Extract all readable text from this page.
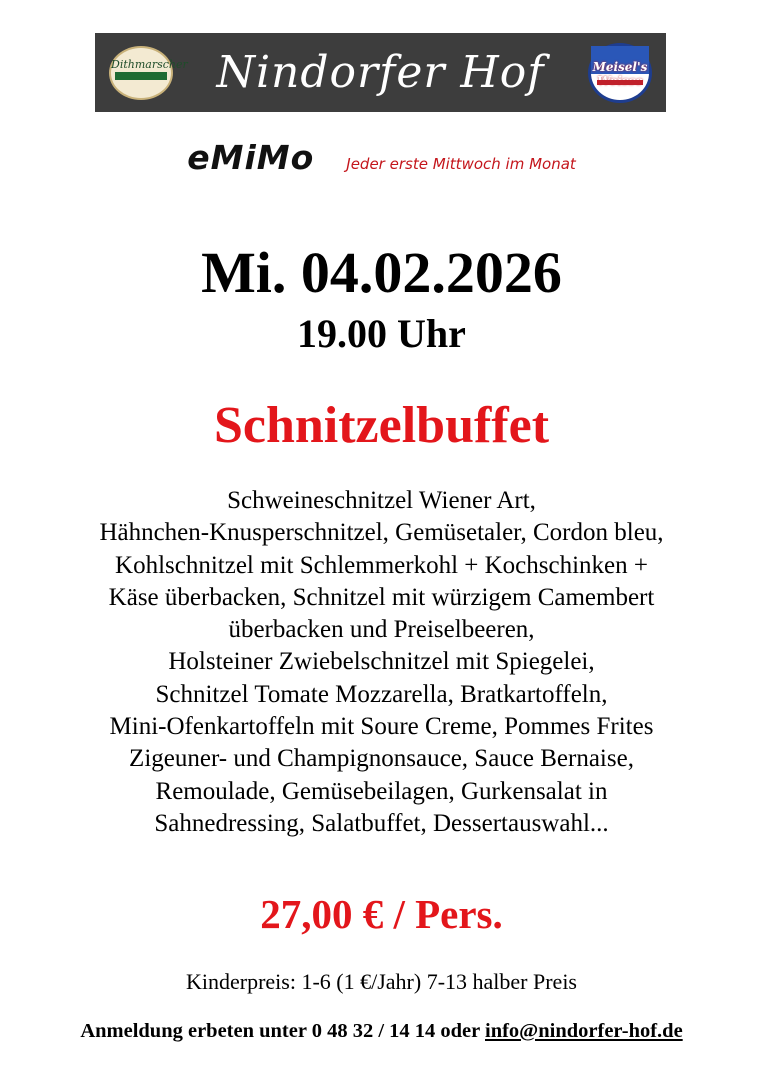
Dithmarscher Nindorfer Hof	Meisel's
eMiMo Jeder erste Mittwoch im Monat
Mi. 04.02.2026
19.00 Uhr
Schnitzelbuffet
Schweineschnitzel Wiener Art,
Hähnchen-Knusperschnitzel, Gemüsetaler, Cordon bleu,
Kohlschnitzel mit Schlemmerkohl + Kochschinken +
Käse überbacken, Schnitzel mit würzigem Camembert
überbacken und Preiselbeeren,
Holsteiner Zwiebelschnitzel mit Spiegelei,
Schnitzel Tomate Mozzarella, Bratkartoffeln,
Mini-Ofenkartoffeln mit Soure Creme, Pommes Frites
Zigeuner- und Champignonsauce, Sauce Bernaise,
Remoulade, Gemüsebeilagen, Gurkensalat in
Sahnedressing, Salatbuffet, Dessertauswahl...
27,00 € / Pers.
Kinderpreis: 1-6 (1 €/Jahr) 7-13 halber Preis
Anmeldung erbeten unter 0 48 32 / 14 14 oder info@nindorfer-hof.de
